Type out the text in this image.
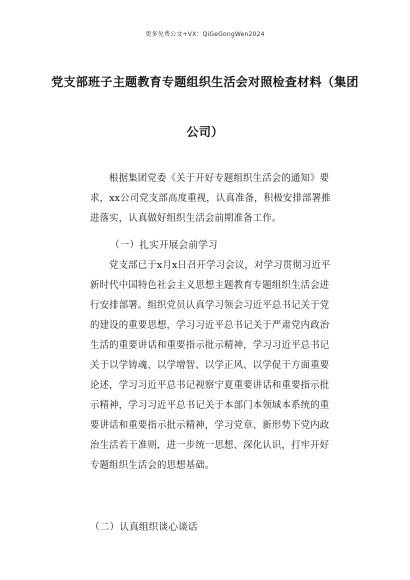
更多免费公文+VX：QiGeGongWen2024
党支部班子主题教育专题组织生活会对照检查材料（集团
公司）
根据集团党委《关于开好专题组织生活会的通知》要
求，xx公司党支部高度重视，认真准备，积极安排部署推
进落实，认真做好组织生活会前期准备工作。
（一）扎实开展会前学习
党支部已于x月x日召开学习会议，对学习贯彻习近平
新时代中国特色社会主义思想主题教育专题组织生活会进
行安排部署。组织党员认真学习领会习近平总书记关于党
的建设的重要思想，学习习近平总书记关于严肃党内政治
生活的重要讲话和重要指示批示精神，学习习近平总书记
关于以学铸魂、以学增智、以学正风、以学促干方面重要
论述，学习习近平总书记视察宁夏重要讲话和重要指示批
示精神，学习习近平总书记关于本部门本领域本系统的重
要讲话和重要指示批示精神，学习党章、新形势下党内政
治生活若干准则，进一步统一思想、深化认识，打牢开好
专题组织生活会的思想基础。
（二）认真组织谈心谈话
